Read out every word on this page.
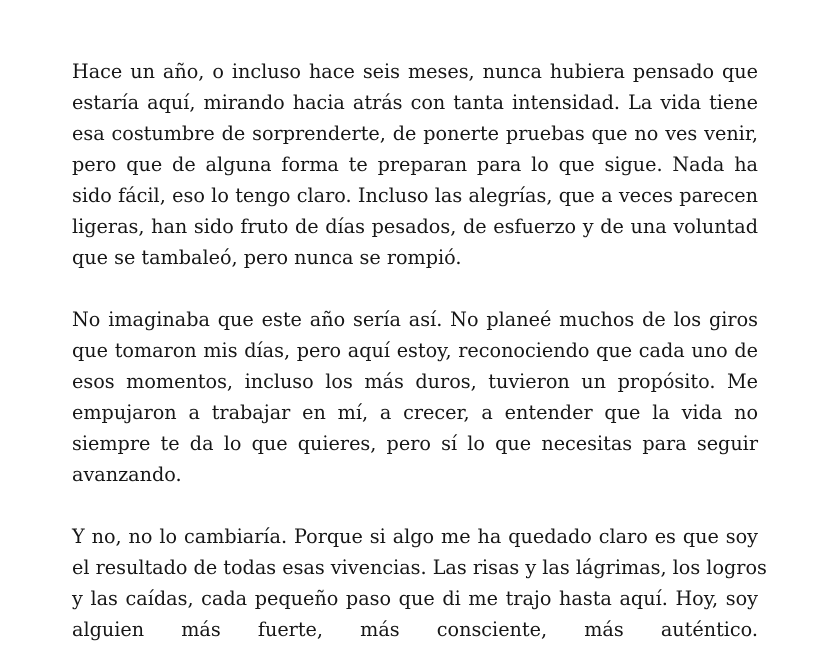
Hace un año, o incluso hace seis meses, nunca hubiera pensado que
estaría aquí, mirando hacia atrás con tanta intensidad. La vida tiene
esa costumbre de sorprenderte, de ponerte pruebas que no ves venir,
pero que de alguna forma te preparan para lo que sigue. Nada ha
sido fácil, eso lo tengo claro. Incluso las alegrías, que a veces parecen
ligeras, han sido fruto de días pesados, de esfuerzo y de una voluntad
que se tambaleó, pero nunca se rompió.

No imaginaba que este año sería así. No planeé muchos de los giros
que tomaron mis días, pero aquí estoy, reconociendo que cada uno de
esos momentos, incluso los más duros, tuvieron un propósito. Me
empujaron a trabajar en mí, a crecer, a entender que la vida no
siempre te da lo que quieres, pero sí lo que necesitas para seguir
avanzando.

Y no, no lo cambiaría. Porque si algo me ha quedado claro es que soy
el resultado de todas esas vivencias. Las risas y las lágrimas, los logros
y las caídas, cada pequeño paso que di me trajo hasta aquí. Hoy, soy
alguien más fuerte, más consciente, más auténtico.
